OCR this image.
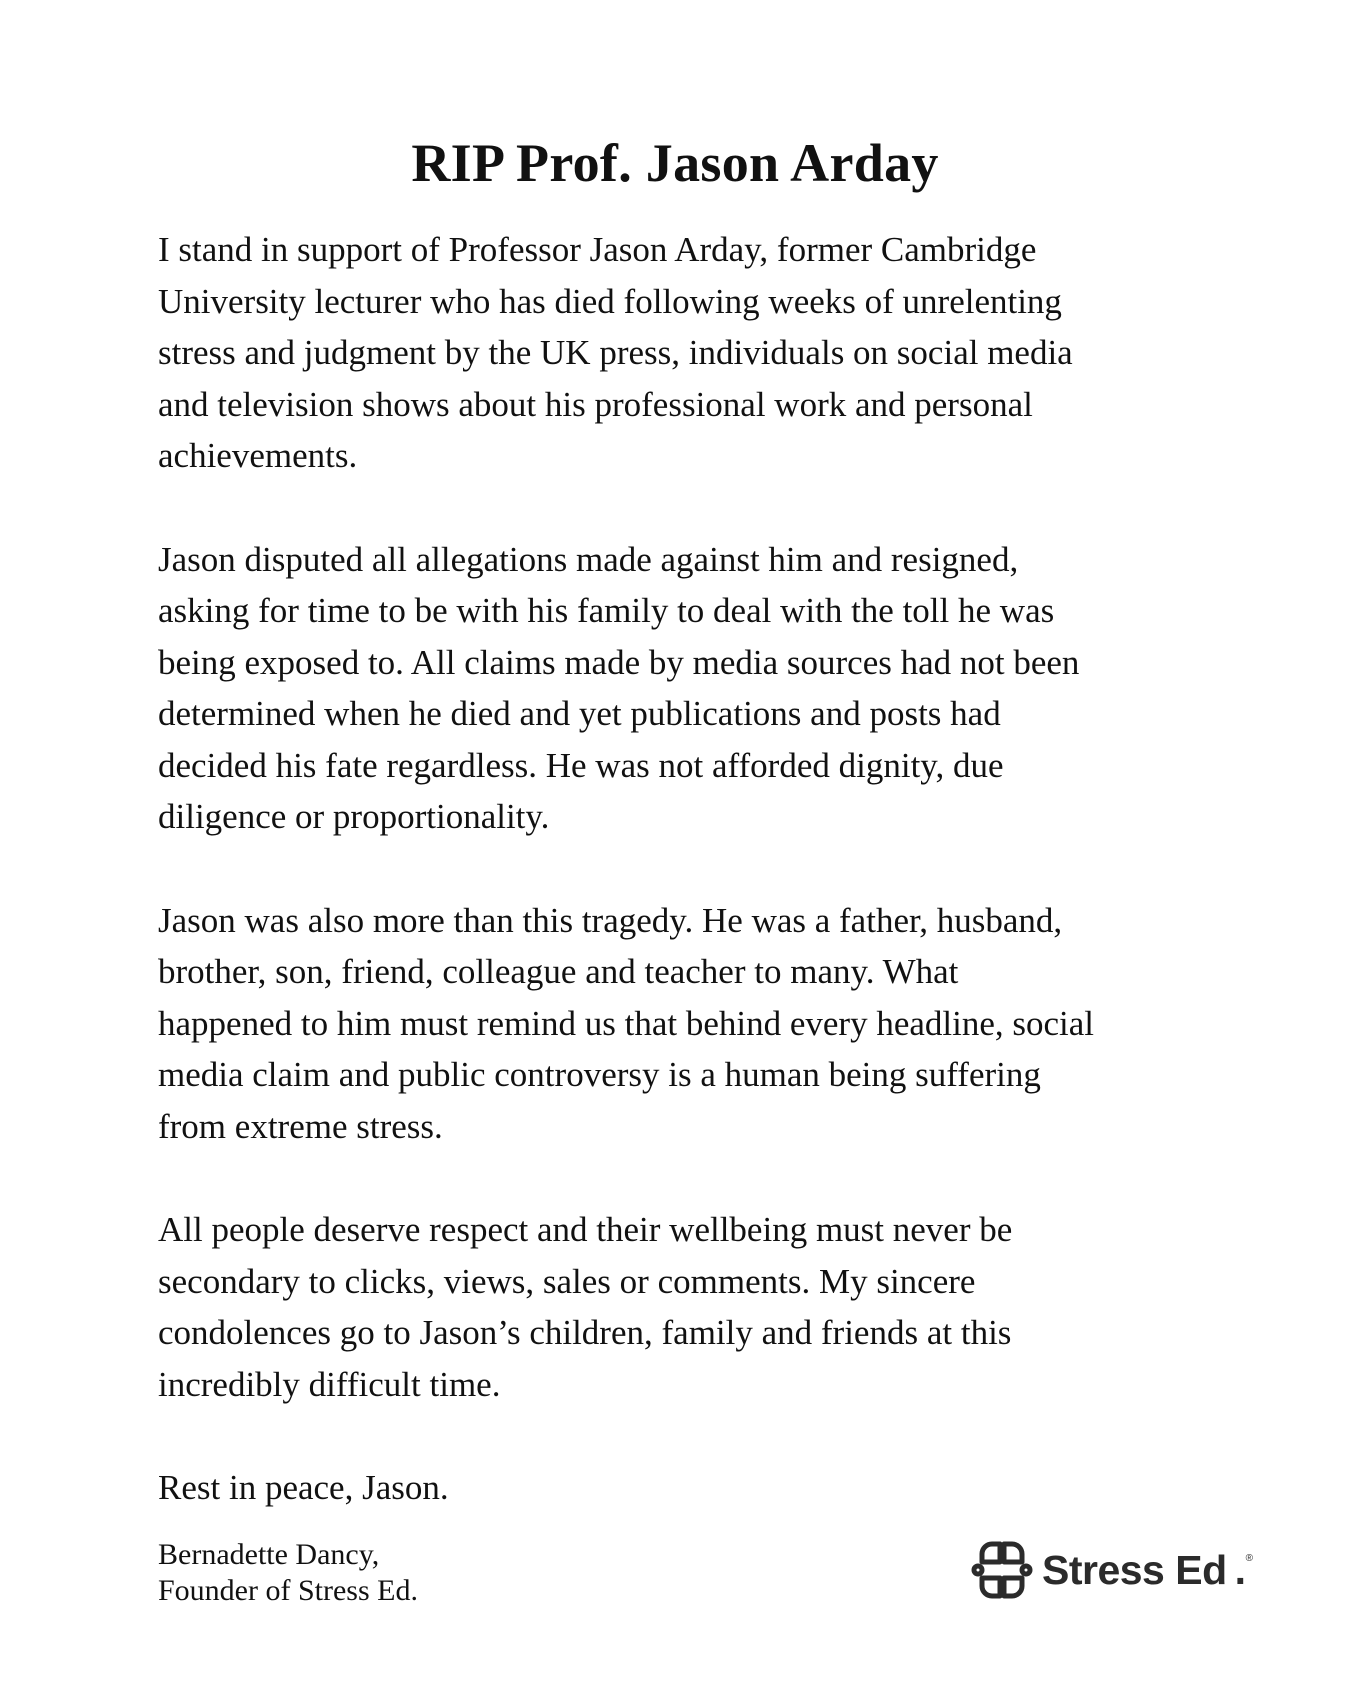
RIP Prof. Jason Arday

I stand in support of Professor Jason Arday, former Cambridge
University lecturer who has died following weeks of unrelenting
stress and judgment by the UK press, individuals on social media
and television shows about his professional work and personal
achievements.

Jason disputed all allegations made against him and resigned,
asking for time to be with his family to deal with the toll he was
being exposed to. All claims made by media sources had not been
determined when he died and yet publications and posts had
decided his fate regardless. He was not afforded dignity, due
diligence or proportionality.

Jason was also more than this tragedy. He was a father, husband,
brother, son, friend, colleague and teacher to many. What
happened to him must remind us that behind every headline, social
media claim and public controversy is a human being suffering
from extreme stress.

All people deserve respect and their wellbeing must never be
secondary to clicks, views, sales or comments. My sincere
condolences go to Jason’s children, family and friends at this
incredibly difficult time.

Rest in peace, Jason.

Bernadette Dancy,
Founder of Stress Ed.	Stress Ed . ®
